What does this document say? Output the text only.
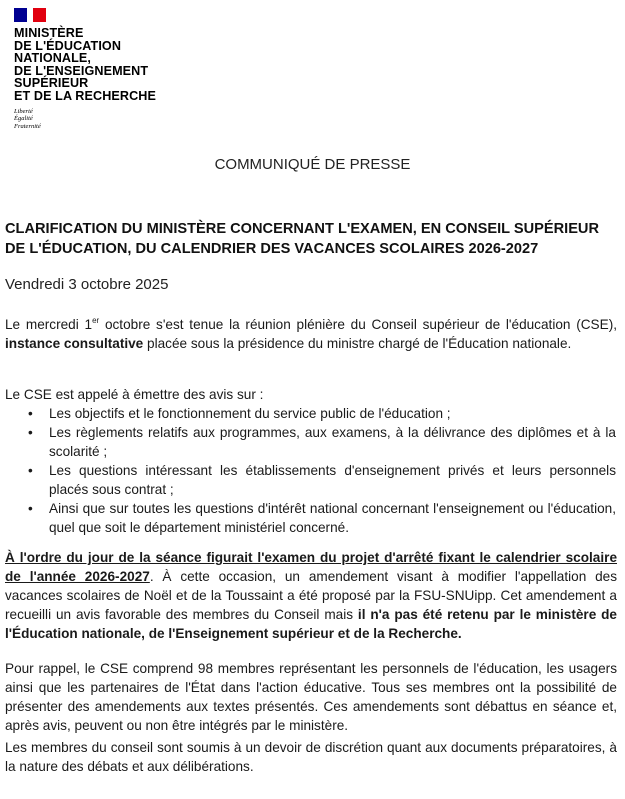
MINISTÈRE
DE L'ÉDUCATION
NATIONALE,
DE L'ENSEIGNEMENT
SUPÉRIEUR
ET DE LA RECHERCHE
Liberté
Égalité
Fraternité
COMMUNIQUÉ DE PRESSE
CLARIFICATION DU MINISTÈRE CONCERNANT L'EXAMEN, EN CONSEIL SUPÉRIEUR DE L'ÉDUCATION, DU CALENDRIER DES VACANCES SCOLAIRES 2026-2027
Vendredi 3 octobre 2025
Le mercredi 1er octobre s'est tenue la réunion plénière du Conseil supérieur de l'éducation (CSE), instance consultative placée sous la présidence du ministre chargé de l'Éducation nationale.
Le CSE est appelé à émettre des avis sur :
• Les objectifs et le fonctionnement du service public de l'éducation ;
• Les règlements relatifs aux programmes, aux examens, à la délivrance des diplômes et à la scolarité ;
• Les questions intéressant les établissements d'enseignement privés et leurs personnels placés sous contrat ;
• Ainsi que sur toutes les questions d'intérêt national concernant l'enseignement ou l'éducation, quel que soit le département ministériel concerné.
À l'ordre du jour de la séance figurait l'examen du projet d'arrêté fixant le calendrier scolaire de l'année 2026-2027. À cette occasion, un amendement visant à modifier l'appellation des vacances scolaires de Noël et de la Toussaint a été proposé par la FSU-SNUipp. Cet amendement a recueilli un avis favorable des membres du Conseil mais il n'a pas été retenu par le ministère de l'Éducation nationale, de l'Enseignement supérieur et de la Recherche.
Pour rappel, le CSE comprend 98 membres représentant les personnels de l'éducation, les usagers ainsi que les partenaires de l'État dans l'action éducative. Tous ses membres ont la possibilité de présenter des amendements aux textes présentés. Ces amendements sont débattus en séance et, après avis, peuvent ou non être intégrés par le ministère.
Les membres du conseil sont soumis à un devoir de discrétion quant aux documents préparatoires, à la nature des débats et aux délibérations.
